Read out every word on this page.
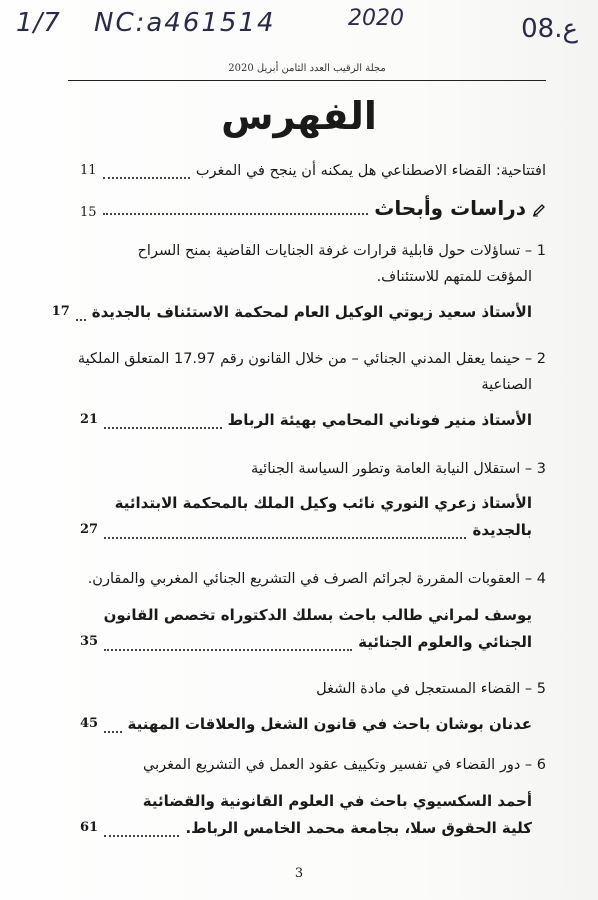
1/7 NC:a461514	2020	08.ع
مجلة الرقيب العدد الثامن أبريل 2020
الفهرس
افتتاحية: القضاء الاصطناعي هل يمكنه أن ينجح في المغرب
11
دراسات وأبحاث
15
1 – تساؤلات حول قابلية قرارات غرفة الجنايات القاضية بمنح السراح
المؤقت للمتهم للاستئناف.
الأستاذ سعيد زيوتي الوكيل العام لمحكمة الاستئناف بالجديدة
17
2 – حينما يعقل المدني الجنائي – من خلال القانون رقم 17.97 المتعلق الملكية
الصناعية
الأستاذ منير فوناني المحامي بهيئة الرباط
21
3 – استقلال النيابة العامة وتطور السياسة الجنائية
الأستاذ زعري النوري نائب وكيل الملك بالمحكمة الابتدائية
بالجديدة
27
4 – العقوبات المقررة لجرائم الصرف في التشريع الجنائي المغربي والمقارن.
يوسف لمراني طالب باحث بسلك الدكتوراه تخصص القانون
الجنائي والعلوم الجنائية
35
5 – القضاء المستعجل في مادة الشغل
عدنان بوشان باحث في قانون الشغل والعلاقات المهنية
45
6 – دور القضاء في تفسير وتكييف عقود العمل في التشريع المغربي
أحمد السكسيوي باحث في العلوم القانونية والقضائية
كلية الحقوق سلا، بجامعة محمد الخامس الرباط.
61
3
